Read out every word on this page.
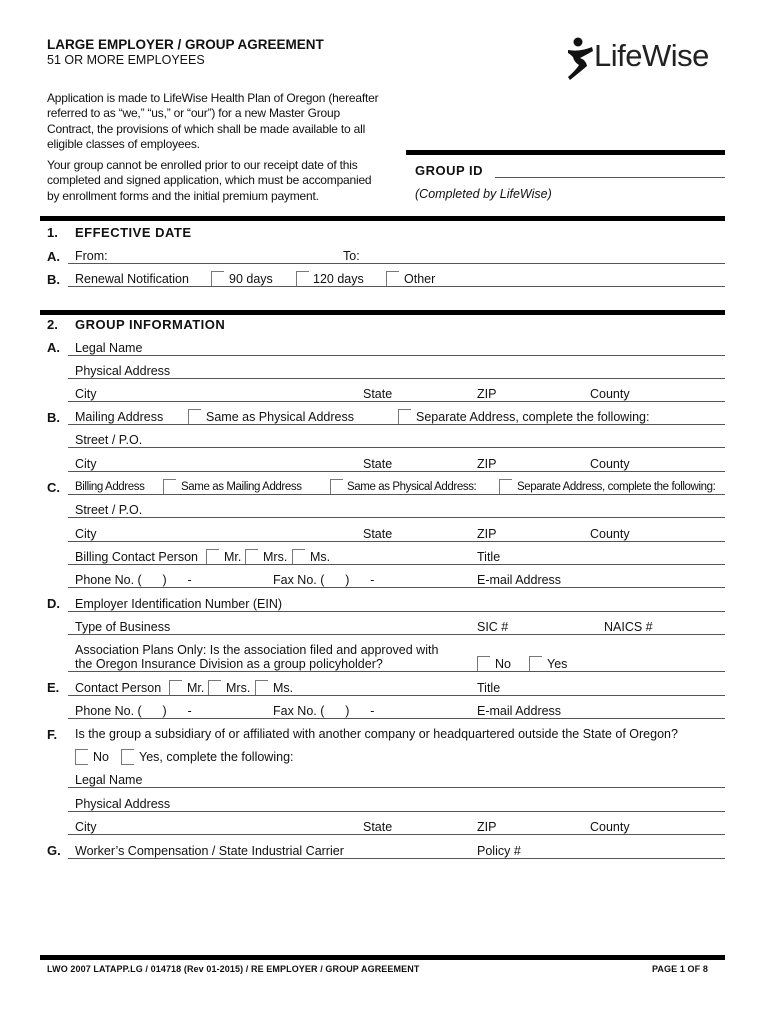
LARGE EMPLOYER / GROUP AGREEMENT
51 OR MORE EMPLOYEES	LifeWise
Application is made to LifeWise Health Plan of Oregon (hereafter
referred to as “we,” “us,” or “our”) for a new Master Group
Contract, the provisions of which shall be made available to all
eligible classes of employees.
Your group cannot be enrolled prior to our receipt date of this
completed and signed application, which must be accompanied
by enrollment forms and the initial premium payment.
GROUP ID
(Completed by LifeWise)
1. EFFECTIVE DATE
A. From:	To:
B. Renewal Notification	90 days	120 days	Other
2. GROUP INFORMATION
A. Legal Name
Physical Address
City	State	ZIP	County
B. Mailing Address	Same as Physical Address	Separate Address, complete the following:
Street / P.O.
City	State	ZIP	County
C. Billing Address	Same as Mailing Address	Same as Physical Address:	Separate Address, complete the following:
Street / P.O.
City	State	ZIP	County
Billing Contact Person Mr. Mrs. Ms.	Title
Phone No. (      )      -	Fax No. (      )      -	E-mail Address
D. Employer Identification Number (EIN)
Type of Business	SIC #	NAICS #
Association Plans Only: Is the association filed and approved with
the Oregon Insurance Division as a group policyholder?	No	Yes
E. Contact Person Mr. Mrs. Ms.	Title
Phone No. (      )      -	Fax No. (      )      -	E-mail Address
F. Is the group a subsidiary of or affiliated with another company or headquartered outside the State of Oregon?
No Yes, complete the following:
Legal Name
Physical Address
City	State	ZIP	County
G. Worker’s Compensation / State Industrial Carrier	Policy #
LWO 2007 LATAPP.LG / 014718 (Rev 01-2015) / RE EMPLOYER / GROUP AGREEMENT	PAGE 1 OF 8
